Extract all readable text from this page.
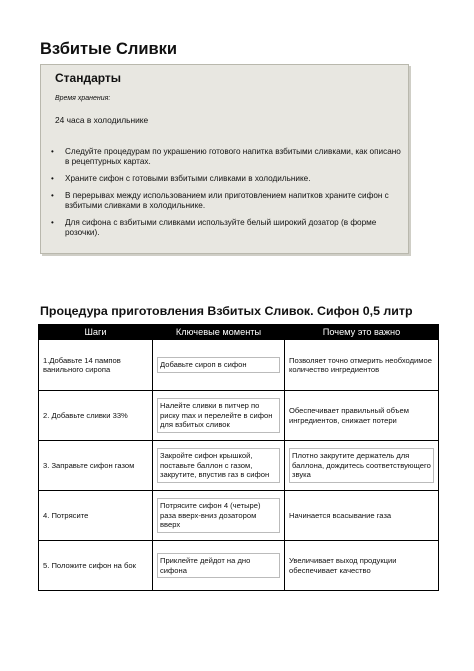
Взбитые Сливки
Стандарты
Время хранения:
24 часа в холодильнике
• Следуйте процедурам по украшению готового напитка взбитыми сливками, как описано в рецептурных картах.
• Храните сифон с готовыми взбитыми сливками в холодильнике.
• В перерывах между использованием или приготовлением напитков храните сифон с взбитыми сливками в холодильнике.
• Для сифона с взбитыми сливками используйте белый широкий дозатор (в форме розочки).
Процедура приготовления Взбитых Сливок. Сифон 0,5 литр
Шаги	Ключевые моменты	Почему это важно

1.Добавьте 14 пампов ванильного сиропа	Добавьте сироп в сифон	Позволяет точно отмерить необходимое количество ингредиентов

2. Добавьте сливки 33%	Налейте сливки в питчер по риску max и перелейте в сифон для взбитых сливок	Обеспечивает правильный объем ингредиентов, снижает потери

3. Заправьте сифон газом	Закройте сифон крышкой, поставьте баллон с газом, закрутите, впустив газ в сифон	Плотно закрутите держатель для баллона, дождитесь соответствующего звука

4. Потрясите	Потрясите сифон 4 (четыре) раза вверх-вниз дозатором вверх	Начинается всасывание газа

5. Положите сифон на бок	Приклейте дейдот на дно сифона	Увеличивает выход продукции обеспечивает качество
